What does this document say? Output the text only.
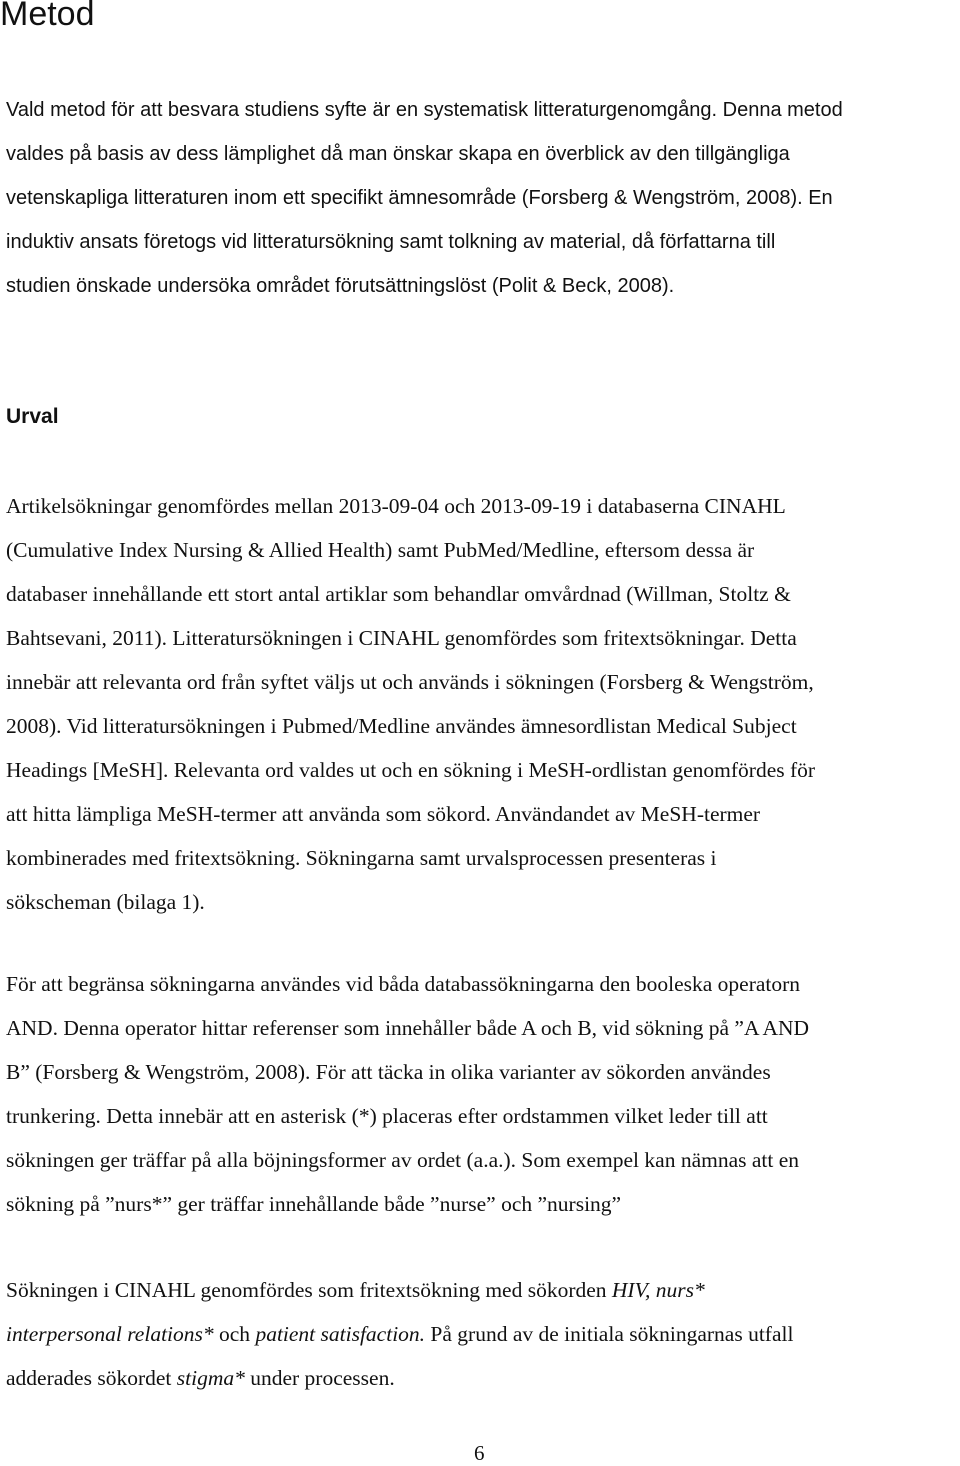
Metod
Vald metod för att besvara studiens syfte är en systematisk litteraturgenomgång. Denna metod
valdes på basis av dess lämplighet då man önskar skapa en överblick av den tillgängliga
vetenskapliga litteraturen inom ett specifikt ämnesområde (Forsberg & Wengström, 2008). En
induktiv ansats företogs vid litteratursökning samt tolkning av material, då författarna till
studien önskade undersöka området förutsättningslöst (Polit & Beck, 2008).
Urval
Artikelsökningar genomfördes mellan 2013-09-04 och 2013-09-19 i databaserna CINAHL
(Cumulative Index Nursing & Allied Health) samt PubMed/Medline, eftersom dessa är
databaser innehållande ett stort antal artiklar som behandlar omvårdnad (Willman, Stoltz &
Bahtsevani, 2011). Litteratursökningen i CINAHL genomfördes som fritextsökningar. Detta
innebär att relevanta ord från syftet väljs ut och används i sökningen (Forsberg & Wengström,
2008). Vid litteratursökningen i Pubmed/Medline användes ämnesordlistan Medical Subject
Headings [MeSH]. Relevanta ord valdes ut och en sökning i MeSH-ordlistan genomfördes för
att hitta lämpliga MeSH-termer att använda som sökord. Användandet av MeSH-termer
kombinerades med fritextsökning. Sökningarna samt urvalsprocessen presenteras i
sökscheman (bilaga 1).
För att begränsa sökningarna användes vid båda databassökningarna den booleska operatorn
AND. Denna operator hittar referenser som innehåller både A och B, vid sökning på ”A AND
B” (Forsberg & Wengström, 2008). För att täcka in olika varianter av sökorden användes
trunkering. Detta innebär att en asterisk (*) placeras efter ordstammen vilket leder till att
sökningen ger träffar på alla böjningsformer av ordet (a.a.). Som exempel kan nämnas att en
sökning på ”nurs*” ger träffar innehållande både ”nurse” och ”nursing”
Sökningen i CINAHL genomfördes som fritextsökning med sökorden HIV, nurs*
interpersonal relations* och patient satisfaction. På grund av de initiala sökningarnas utfall
adderades sökordet stigma* under processen.
6
